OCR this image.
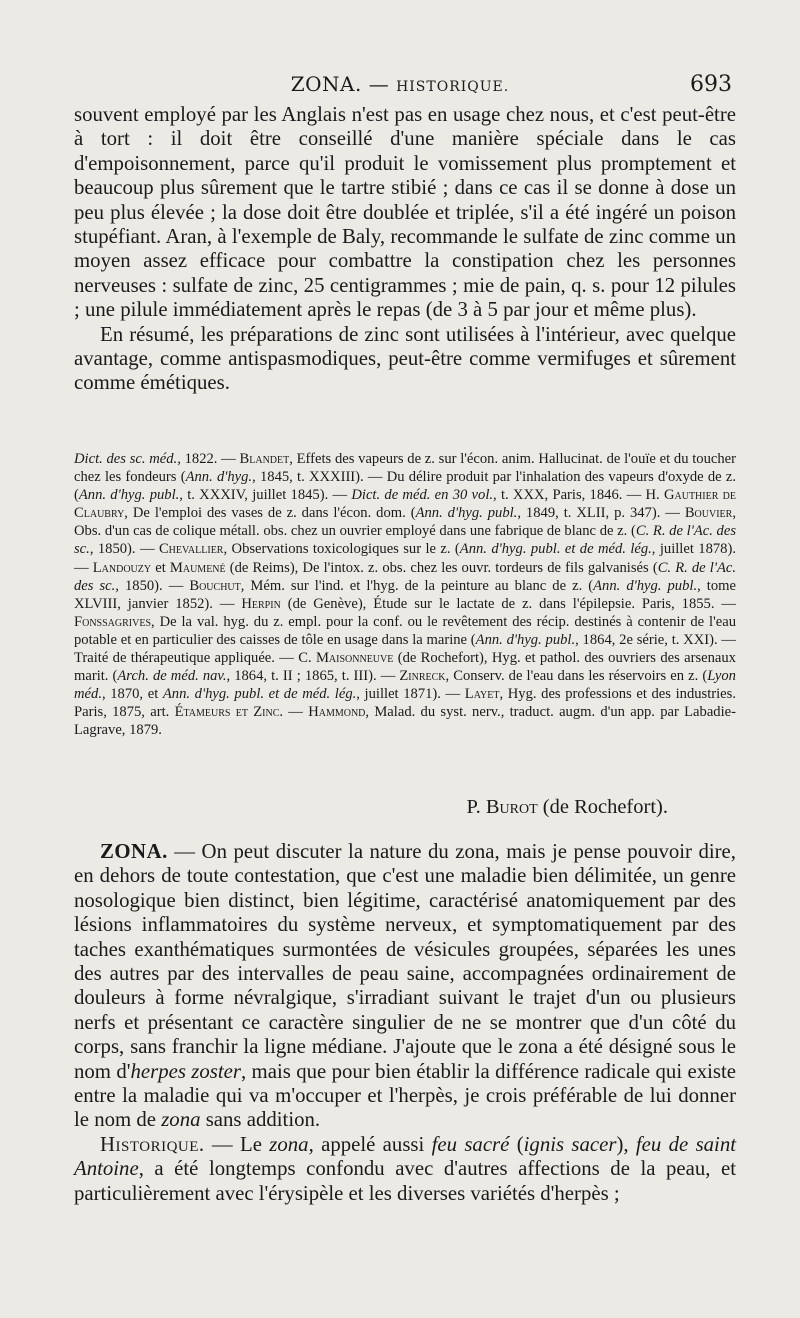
ZONA. — HISTORIQUE.	693

souvent employé par les Anglais n'est pas en usage chez nous, et c'est peut-être à tort : il doit être conseillé d'une manière spéciale dans le cas d'empoisonnement, parce qu'il produit le vomissement plus promptement et beaucoup plus sûrement que le tartre stibié ; dans ce cas il se donne à dose un peu plus élevée ; la dose doit être doublée et triplée, s'il a été ingéré un poison stupéfiant. Aran, à l'exemple de Baly, recommande le sulfate de zinc comme un moyen assez efficace pour combattre la constipation chez les personnes nerveuses : sulfate de zinc, 25 centigrammes ; mie de pain, q. s. pour 12 pilules ; une pilule immédiatement après le repas (de 3 à 5 par jour et même plus).

En résumé, les préparations de zinc sont utilisées à l'intérieur, avec quelque avantage, comme antispasmodiques, peut-être comme vermifuges et sûrement comme émétiques.

Dict. des sc. méd., 1822. — Blandet, Effets des vapeurs de z. sur l'écon. anim. Hallucinat. de l'ouïe et du toucher chez les fondeurs (Ann. d'hyg., 1845, t. XXXIII). — Du délire produit par l'inhalation des vapeurs d'oxyde de z. (Ann. d'hyg. publ., t. XXXIV, juillet 1845). — Dict. de méd. en 30 vol., t. XXX, Paris, 1846. — H. Gauthier de Claubry, De l'emploi des vases de z. dans l'écon. dom. (Ann. d'hyg. publ., 1849, t. XLII, p. 347). — Bouvier, Obs. d'un cas de colique métall. obs. chez un ouvrier employé dans une fabrique de blanc de z. (C. R. de l'Ac. des sc., 1850). — Chevallier, Observations toxicologiques sur le z. (Ann. d'hyg. publ. et de méd. lég., juillet 1878). — Landouzy et Maumené (de Reims), De l'intox. z. obs. chez les ouvr. tordeurs de fils galvanisés (C. R. de l'Ac. des sc., 1850). — Bouchut, Mém. sur l'ind. et l'hyg. de la peinture au blanc de z. (Ann. d'hyg. publ., tome XLVIII, janvier 1852). — Herpin (de Genève), Étude sur le lactate de z. dans l'épilepsie. Paris, 1855. — Fonssagrives, De la val. hyg. du z. empl. pour la conf. ou le revêtement des récip. destinés à contenir de l'eau potable et en particulier des caisses de tôle en usage dans la marine (Ann. d'hyg. publ., 1864, 2e série, t. XXI). — Traité de thérapeutique appliquée. — C. Maisonneuve (de Rochefort), Hyg. et pathol. des ouvriers des arsenaux marit. (Arch. de méd. nav., 1864, t. II ; 1865, t. III). — Zinreck, Conserv. de l'eau dans les réservoirs en z. (Lyon méd., 1870, et Ann. d'hyg. publ. et de méd. lég., juillet 1871). — Layet, Hyg. des professions et des industries. Paris, 1875, art. Étameurs et Zinc. — Hammond, Malad. du syst. nerv., traduct. augm. d'un app. par Labadie-Lagrave, 1879.

P. Burot (de Rochefort).

ZONA. — On peut discuter la nature du zona, mais je pense pouvoir dire, en dehors de toute contestation, que c'est une maladie bien délimitée, un genre nosologique bien distinct, bien légitime, caractérisé anatomiquement par des lésions inflammatoires du système nerveux, et symptomatiquement par des taches exanthématiques surmontées de vésicules groupées, séparées les unes des autres par des intervalles de peau saine, accompagnées ordinairement de douleurs à forme névralgique, s'irradiant suivant le trajet d'un ou plusieurs nerfs et présentant ce caractère singulier de ne se montrer que d'un côté du corps, sans franchir la ligne médiane. J'ajoute que le zona a été désigné sous le nom d'herpes zoster, mais que pour bien établir la différence radicale qui existe entre la maladie qui va m'occuper et l'herpès, je crois préférable de lui donner le nom de zona sans addition.

Historique. — Le zona, appelé aussi feu sacré (ignis sacer), feu de saint Antoine, a été longtemps confondu avec d'autres affections de la peau, et particulièrement avec l'érysipèle et les diverses variétés d'herpès ;
